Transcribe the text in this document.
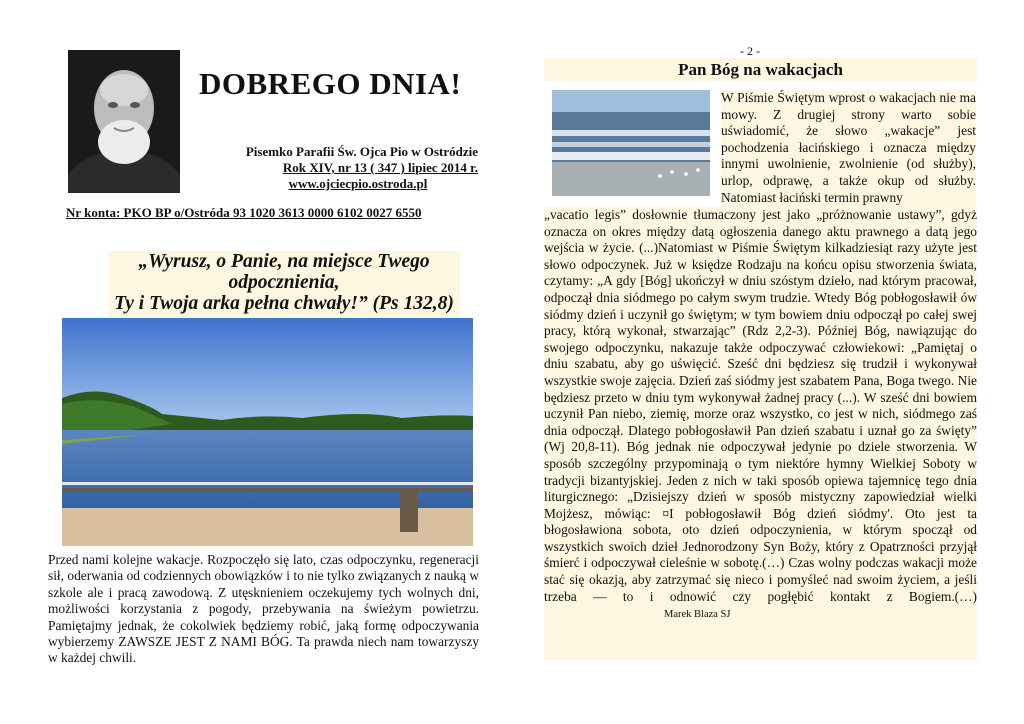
DOBREGO DNIA!
Pisemko Parafii Św. Ojca Pio w Ostródzie
Rok XIV, nr 13 ( 347 ) lipiec 2014 r.
www.ojciecpio.ostroda.pl
Nr konta: PKO BP o/Ostróda 93 1020 3613 0000 6102 0027 6550
„Wyrusz, o Panie, na miejsce Twego
odpocznienia,
Ty i Twoja arka pełna chwały!” (Ps 132,8)
Przed nami kolejne wakacje. Rozpoczęło się lato, czas odpoczynku, regeneracji sił, oderwania od codziennych obowiązków i to nie tylko związanych z nauką w szkole ale i pracą zawodową. Z utęsknieniem oczekujemy tych wolnych dni, możliwości korzystania z pogody, przebywania na świeżym powietrzu. Pamiętajmy jednak, że cokolwiek będziemy robić, jaką formę odpoczywania wybierzemy ZAWSZE JEST Z NAMI BÓG. Ta prawda niech nam towarzyszy w każdej chwili.
- 2 -
Pan Bóg na wakacjach
W Piśmie Świętym wprost o wakacjach nie ma mowy. Z drugiej strony warto sobie uświadomić, że słowo „wakacje” jest pochodzenia łacińskiego i oznacza między innymi uwolnienie, zwolnienie (od służby), urlop, odprawę, a także okup od służby. Natomiast łaciński termin prawny
„vacatio legis” dosłownie tłumaczony jest jako „próżnowanie ustawy”, gdyż oznacza on okres między datą ogłoszenia danego aktu prawnego a datą jego wejścia w życie. (...)Natomiast w Piśmie Świętym kilkadziesiąt razy użyte jest słowo odpoczynek. Już w księdze Rodzaju na końcu opisu stworzenia świata, czytamy: „A gdy [Bóg] ukończył w dniu szóstym dzieło, nad którym pracował, odpoczął dnia siódmego po całym swym trudzie. Wtedy Bóg pobłogosławił ów siódmy dzień i uczynił go świętym; w tym bowiem dniu odpoczął po całej swej pracy, którą wykonał, stwarzając” (Rdz 2,2-3). Później Bóg, nawiązując do swojego odpoczynku, nakazuje także odpoczywać człowiekowi: „Pamiętaj o dniu szabatu, aby go uświęcić. Sześć dni będziesz się trudził i wykonywał wszystkie swoje zajęcia. Dzień zaś siódmy jest szabatem Pana, Boga twego. Nie będziesz przeto w dniu tym wykonywał żadnej pracy (...). W sześć dni bowiem uczynił Pan niebo, ziemię, morze oraz wszystko, co jest w nich, siódmego zaś dnia odpoczął. Dlatego pobłogosławił Pan dzień szabatu i uznał go za święty” (Wj 20,8-11). Bóg jednak nie odpoczywał jedynie po dziele stworzenia. W sposób szczególny przypominają o tym niektóre hymny Wielkiej Soboty w tradycji bizantyjskiej. Jeden z nich w taki sposób opiewa tajemnicę tego dnia liturgicznego: „Dzisiejszy dzień w sposób mistyczny zapowiedział wielki Mojżesz, mówiąc: ¤I pobłogosławił Bóg dzień siódmy'. Oto jest ta błogosławiona sobota, oto dzień odpoczynienia, w którym spoczął od wszystkich swoich dzieł Jednorodzony Syn Boży, który z Opatrzności przyjął śmierć i odpoczywał cieleśnie w sobotę.(…) Czas wolny podczas wakacji może stać się okazją, aby zatrzymać się nieco i pomyśleć nad swoim życiem, a jeśli trzeba — to i odnowić czy pogłębić kontakt z Bogiem.(…) Marek Blaza SJ
